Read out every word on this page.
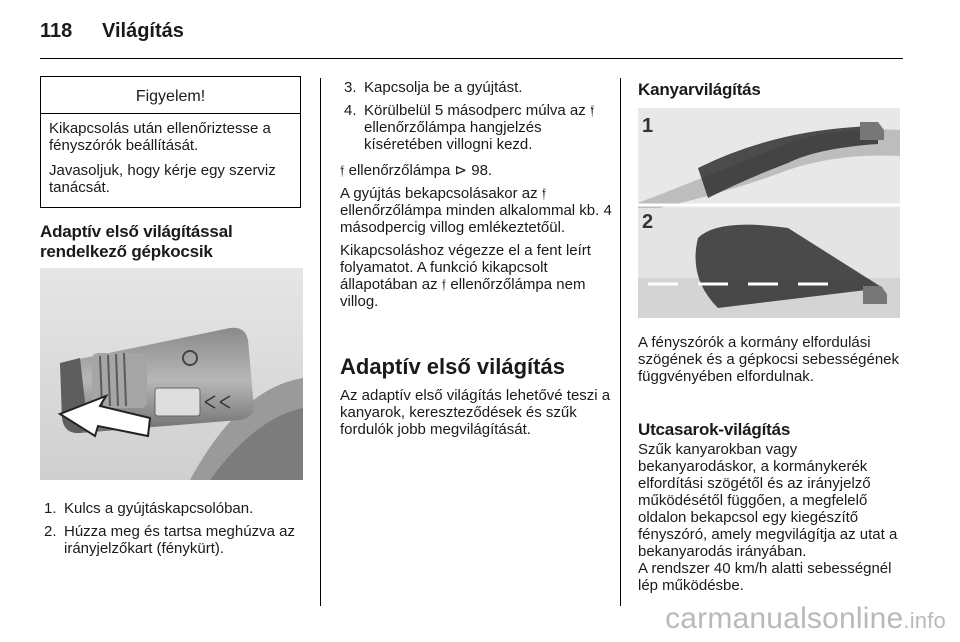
118 Világítás
Figyelem!

Kikapcsolás után ellenőriztesse a fényszórók beállítását.

Javasoljuk, hogy kérje egy szerviz tanácsát.

Adaptív első világítással rendelkező gépkocsik
1. Kulcs a gyújtáskapcsolóban.
2. Húzza meg és tartsa meghúzva az irányjelzőkart (fénykürt).
3. Kapcsolja be a gyújtást.
4. Körülbelül 5 másodperc múlva az 𝔣 ellenőrzőlámpa hangjelzés kíséretében villogni kezd.

𝔣 ellenőrzőlámpa ⊳ 98.

A gyújtás bekapcsolásakor az 𝔣 ellenőrzőlámpa minden alkalommal kb. 4 másodpercig villog emlékeztetőül.

Kikapcsoláshoz végezze el a fent leírt folyamatot. A funkció kikapcsolt állapotában az 𝔣 ellenőrzőlámpa nem villog.

Adaptív első világítás

Az adaptív első világítás lehetővé teszi a kanyarok, kereszteződések és szűk fordulók jobb megvilágítását.

Kanyarvilágítás
1
2

A fényszórók a kormány elfordulási szögének és a gépkocsi sebességének függvényében elfordulnak.

Utcasarok-világítás

Szűk kanyarokban vagy bekanyarodáskor, a kormánykerék elfordítási szögétől és az irányjelző működésétől függően, a megfelelő oldalon bekapcsol egy kiegészítő fényszóró, amely megvilágítja az utat a bekanyarodás irányában.

A rendszer 40 km/h alatti sebességnél lép működésbe.

carmanualsonline.info
